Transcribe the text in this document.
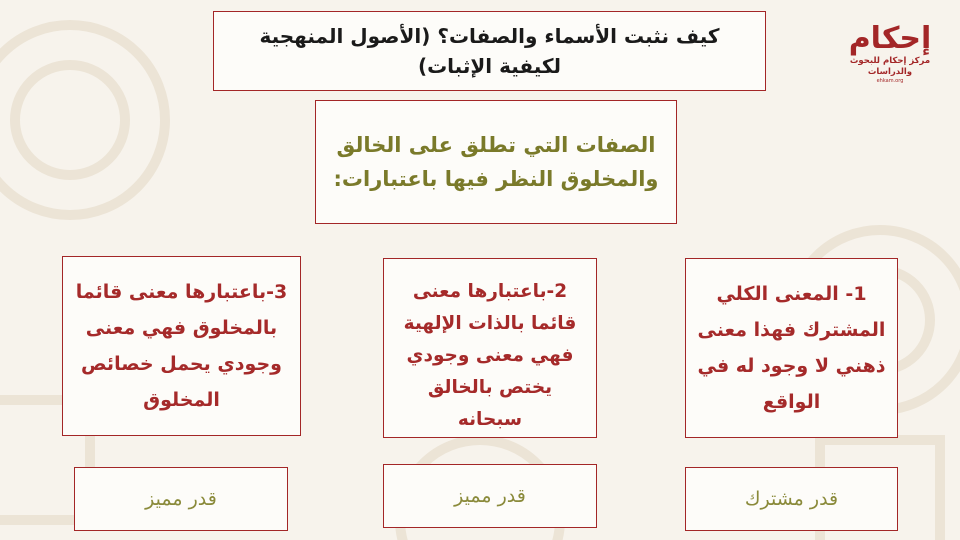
إحكام
مركز إحكام للبحوث والدراسات
ehkam.org
كيف نثبت الأسماء والصفات؟ (الأصول المنهجية لكيفية الإثبات)
الصفات التي تطلق على الخالق والمخلوق النظر فيها باعتبارات:
1- المعنى الكلي المشترك فهذا معنى ذهني لا وجود له في الواقع
2-باعتبارها معنى قائما بالذات الإلهية فهي معنى وجودي يختص بالخالق سبحانه
3-باعتبارها معنى قائما بالمخلوق فهي معنى وجودي يحمل خصائص المخلوق
قدر مشترك
قدر مميز
قدر مميز
